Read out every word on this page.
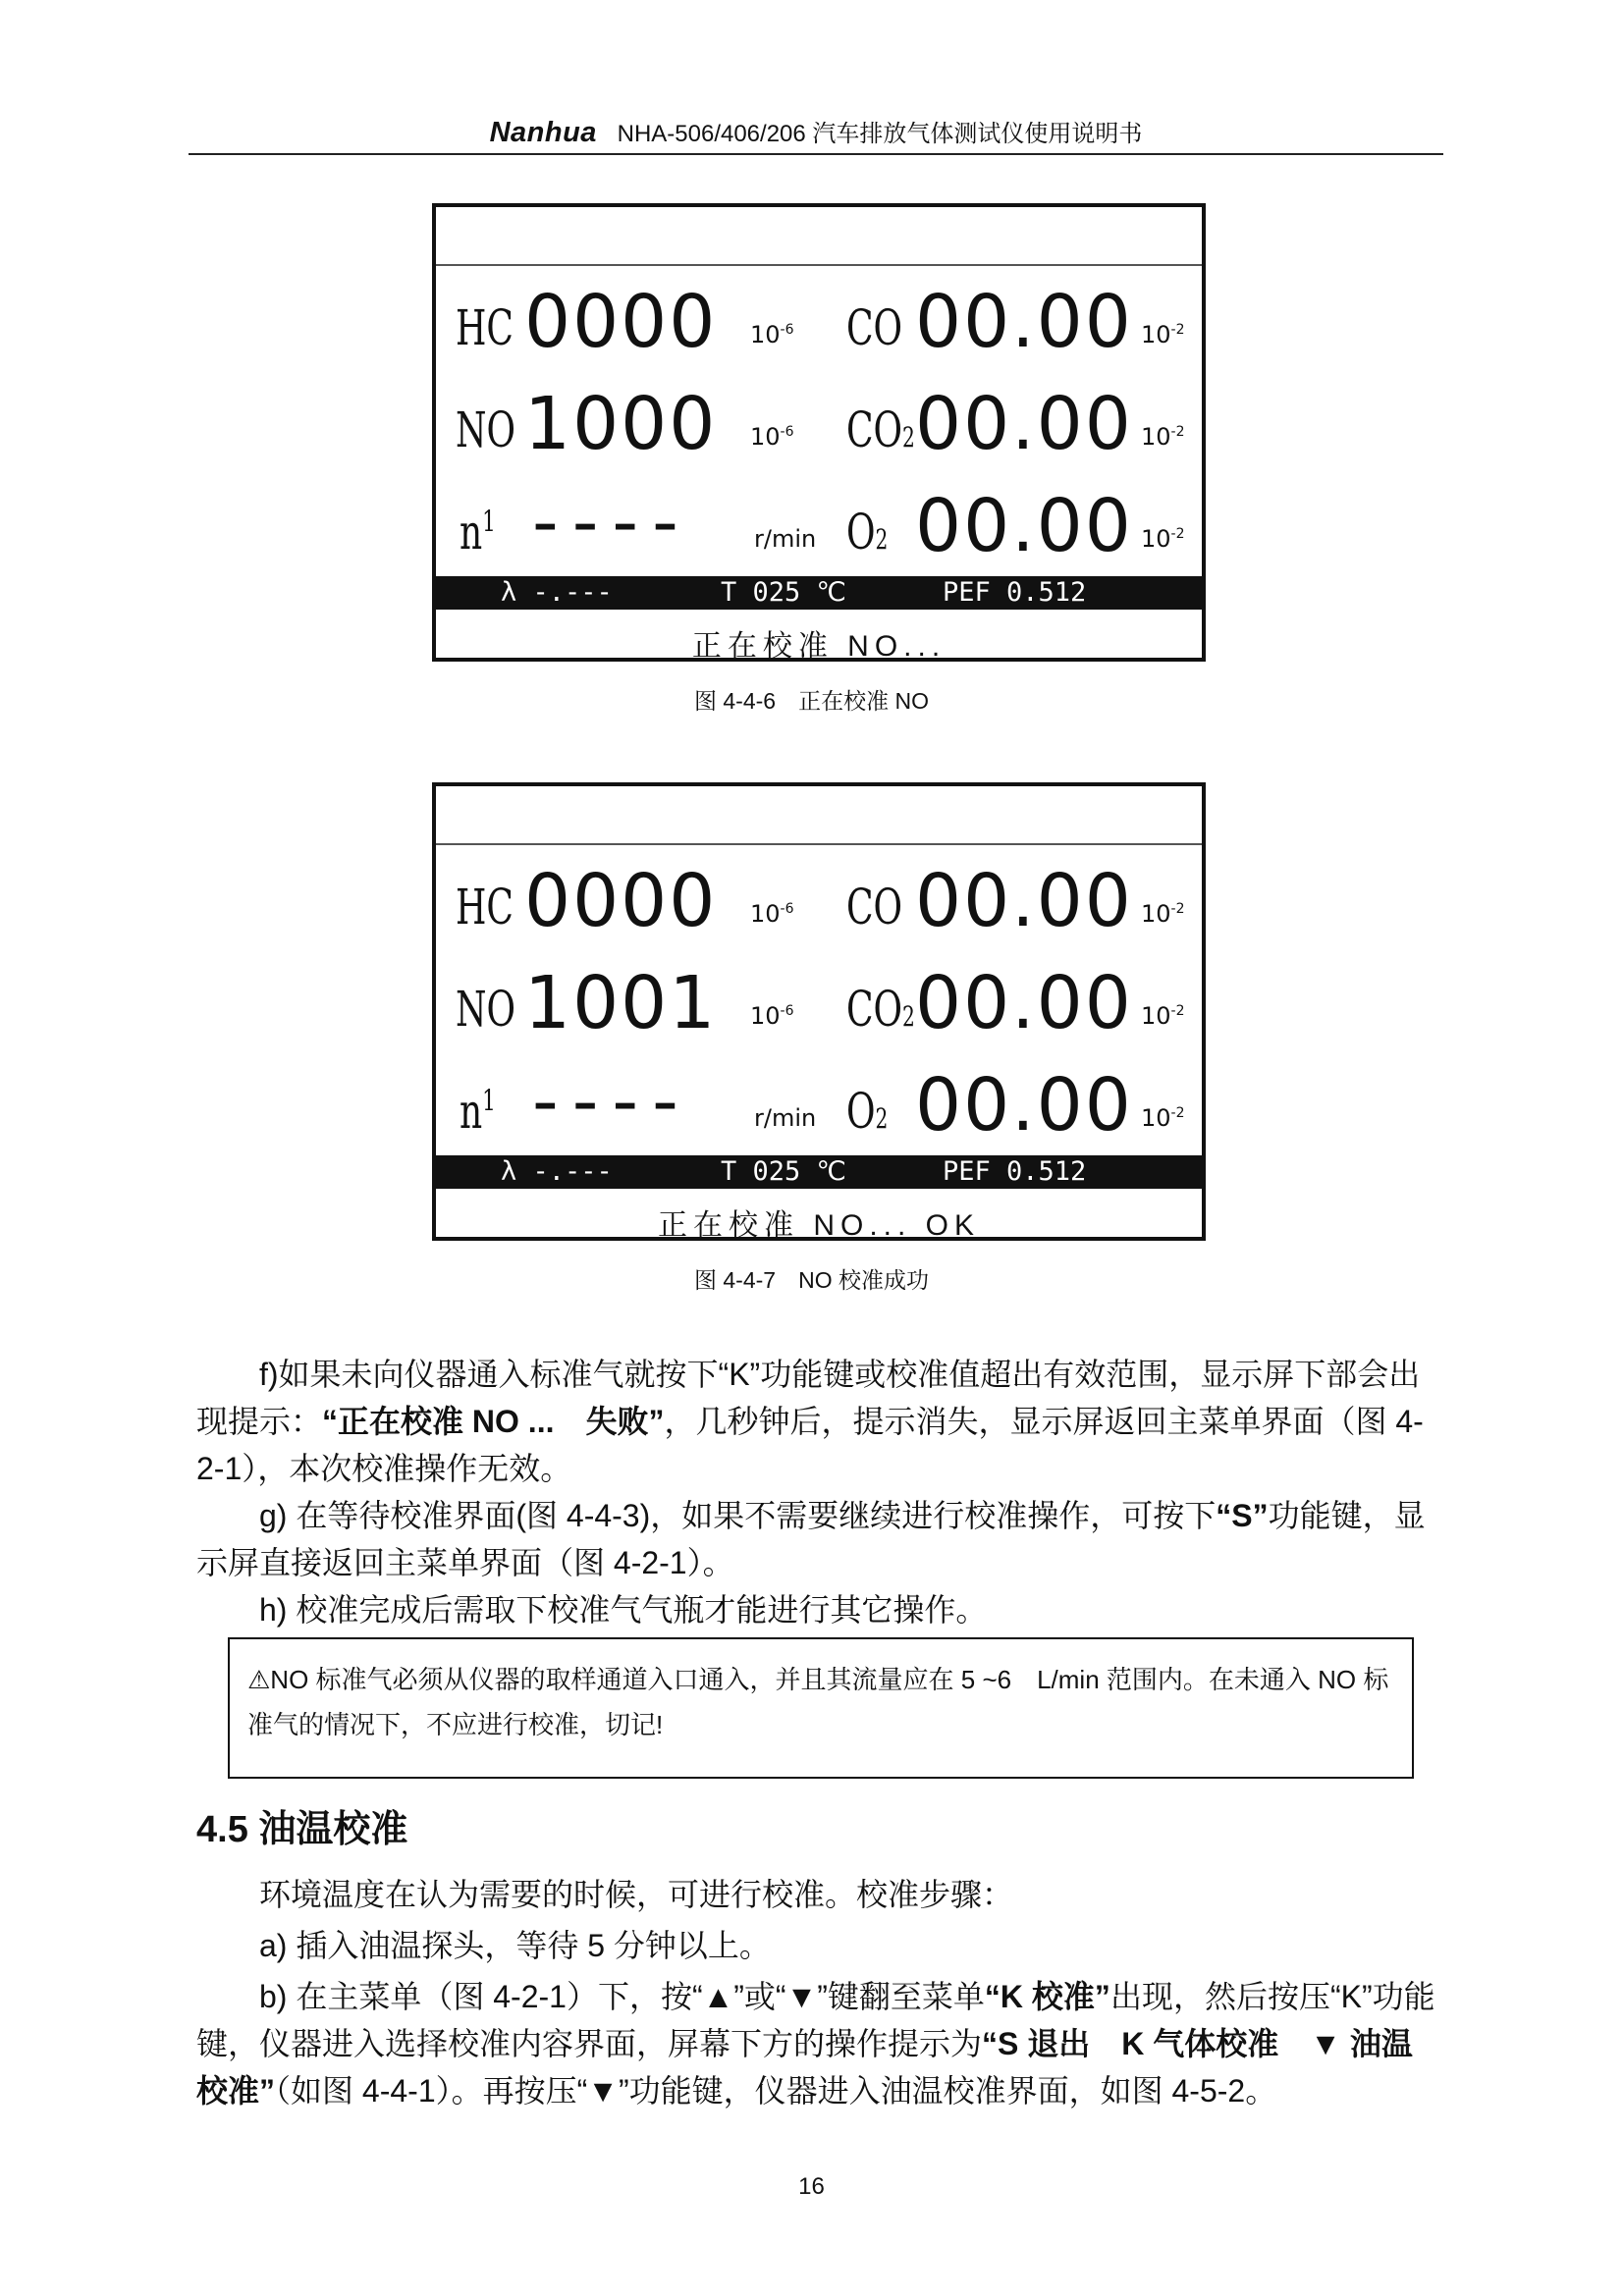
Nanhua NHA-506/406/206 汽车排放气体测试仪使用说明书
HC 0000 $10^{-6}$ CO 00.00 $10^{-2}$
NO 1000 $10^{-6}$ CO2 00.00 $10^{-2}$
$n^1$ ----	r/min O2 00.00 $10^{-2}$
λ -.---	T 025 ℃	PEF 0.512
正在校准 NO...
图 4-4-6　正在校准 NO
HC 0000 $10^{-6}$ CO 00.00 $10^{-2}$
NO 1001 $10^{-6}$ CO2 00.00 $10^{-2}$
$n^1$ ----	r/min O2 00.00 $10^{-2}$
λ -.---	T 025 ℃	PEF 0.512
正在校准 NO... OK
图 4-4-7　NO 校准成功
f)如果未向仪器通入标准气就按下“K”功能键或校准值超出有效范围，显示屏下部会出现提示：“正在校准 NO ...　失败”，几秒钟后，提示消失，显示屏返回主菜单界面（图 4-2-1），本次校准操作无效。
g) 在等待校准界面(图 4-4-3)，如果不需要继续进行校准操作，可按下“S”功能键，显示屏直接返回主菜单界面（图 4-2-1）。
h) 校准完成后需取下校准气气瓶才能进行其它操作。
⚠NO 标准气必须从仪器的取样通道入口通入，并且其流量应在 5 ~6　L/min 范围内。在未通入 NO 标准气的情况下，不应进行校准，切记!
4.5 油温校准
环境温度在认为需要的时候，可进行校准。校准步骤：
a) 插入油温探头，等待 5 分钟以上。
b) 在主菜单（图 4-2-1）下，按“▲”或“▼”键翻至菜单“K 校准”出现，然后按压“K”功能键，仪器进入选择校准内容界面，屏幕下方的操作提示为“S 退出　K 气体校准　▼ 油温校准”（如图 4-4-1）。再按压“▼”功能键，仪器进入油温校准界面，如图 4-5-2。
16
